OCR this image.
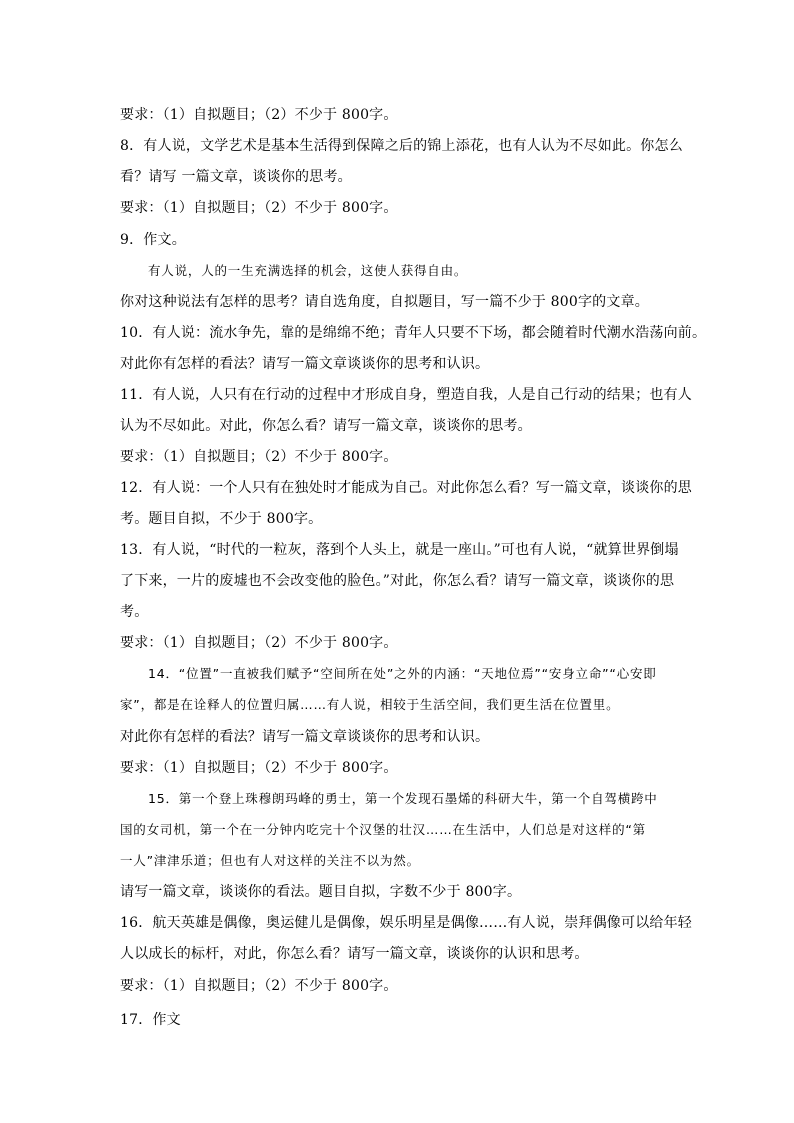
要求：（1）自拟题目；（2）不少于 800字。
8．有人说，文学艺术是基本生活得到保障之后的锦上添花，也有人认为不尽如此。你怎么
看？请写 一篇文章，谈谈你的思考。
要求：（1）自拟题目；（2）不少于 800字。
9．作文。
有人说，人的一生充满选择的机会，这使人获得自由。
你对这种说法有怎样的思考？请自选角度，自拟题目，写一篇不少于 800字的文章。
10．有人说：流水争先，靠的是绵绵不绝；青年人只要不下场，都会随着时代潮水浩荡向前。
对此你有怎样的看法？请写一篇文章谈谈你的思考和认识。
11．有人说，人只有在行动的过程中才形成自身，塑造自我，人是自己行动的结果；也有人
认为不尽如此。对此，你怎么看？请写一篇文章，谈谈你的思考。
要求：（1）自拟题目；（2）不少于 800字。
12．有人说：一个人只有在独处时才能成为自己。对此你怎么看？写一篇文章，谈谈你的思
考。题目自拟，不少于 800字。
13．有人说，“时代的一粒灰，落到个人头上，就是一座山。”可也有人说，“就算世界倒塌
了下来，一片的废墟也不会改变他的脸色。”对此，你怎么看？请写一篇文章，谈谈你的思
考。
要求：（1）自拟题目；（2）不少于 800字。
14．“位置”一直被我们赋予“空间所在处”之外的内涵：“天地位焉”“安身立命”“心安即
家”，都是在诠释人的位置归属……有人说，相较于生活空间，我们更生活在位置里。
对此你有怎样的看法？请写一篇文章谈谈你的思考和认识。
要求：（1）自拟题目；（2）不少于 800字。
15．第一个登上珠穆朗玛峰的勇士，第一个发现石墨烯的科研大牛，第一个自驾横跨中
国的女司机，第一个在一分钟内吃完十个汉堡的壮汉……在生活中，人们总是对这样的“第
一人”津津乐道；但也有人对这样的关注不以为然。
请写一篇文章，谈谈你的看法。题目自拟，字数不少于 800字。
16．航天英雄是偶像，奥运健儿是偶像，娱乐明星是偶像……有人说，崇拜偶像可以给年轻
人以成长的标杆，对此，你怎么看？请写一篇文章，谈谈你的认识和思考。
要求：（1）自拟题目；（2）不少于 800字。
17．作文
